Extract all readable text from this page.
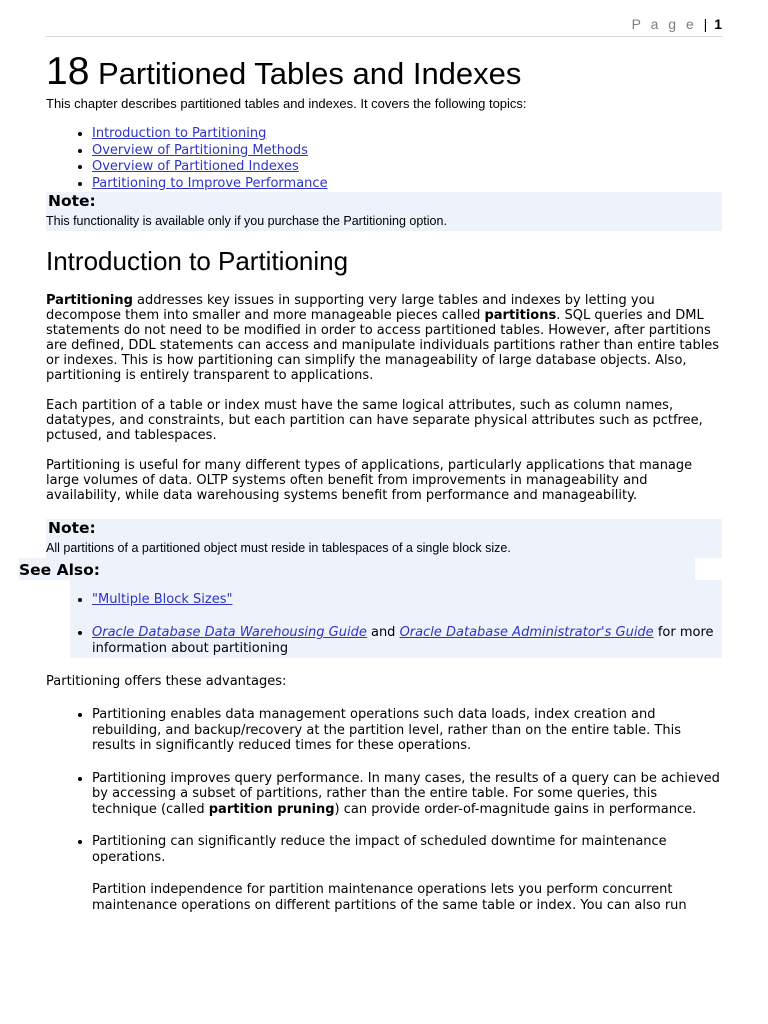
P a g e | 1
18 Partitioned Tables and Indexes

This chapter describes partitioned tables and indexes. It covers the following topics:

• Introduction to Partitioning
• Overview of Partitioning Methods
• Overview of Partitioned Indexes
• Partitioning to Improve Performance
Note:
This functionality is available only if you purchase the Partitioning option.
Introduction to Partitioning

Partitioning addresses key issues in supporting very large tables and indexes by letting you decompose them into smaller and more manageable pieces called partitions. SQL queries and DML statements do not need to be modified in order to access partitioned tables. However, after partitions are defined, DDL statements can access and manipulate individuals partitions rather than entire tables or indexes. This is how partitioning can simplify the manageability of large database objects. Also, partitioning is entirely transparent to applications.

Each partition of a table or index must have the same logical attributes, such as column names, datatypes, and constraints, but each partition can have separate physical attributes such as pctfree, pctused, and tablespaces.

Partitioning is useful for many different types of applications, particularly applications that manage large volumes of data. OLTP systems often benefit from improvements in manageability and availability, while data warehousing systems benefit from performance and manageability.

Note:
All partitions of a partitioned object must reside in tablespaces of a single block size.
See Also:
• "Multiple Block Sizes"
• Oracle Database Data Warehousing Guide and Oracle Database Administrator's Guide for more information about partitioning

Partitioning offers these advantages:

• Partitioning enables data management operations such data loads, index creation and rebuilding, and backup/recovery at the partition level, rather than on the entire table. This results in significantly reduced times for these operations.
• Partitioning improves query performance. In many cases, the results of a query can be achieved by accessing a subset of partitions, rather than the entire table. For some queries, this technique (called partition pruning) can provide order-of-magnitude gains in performance.
• Partitioning can significantly reduce the impact of scheduled downtime for maintenance operations.

Partition independence for partition maintenance operations lets you perform concurrent maintenance operations on different partitions of the same table or index. You can also run
